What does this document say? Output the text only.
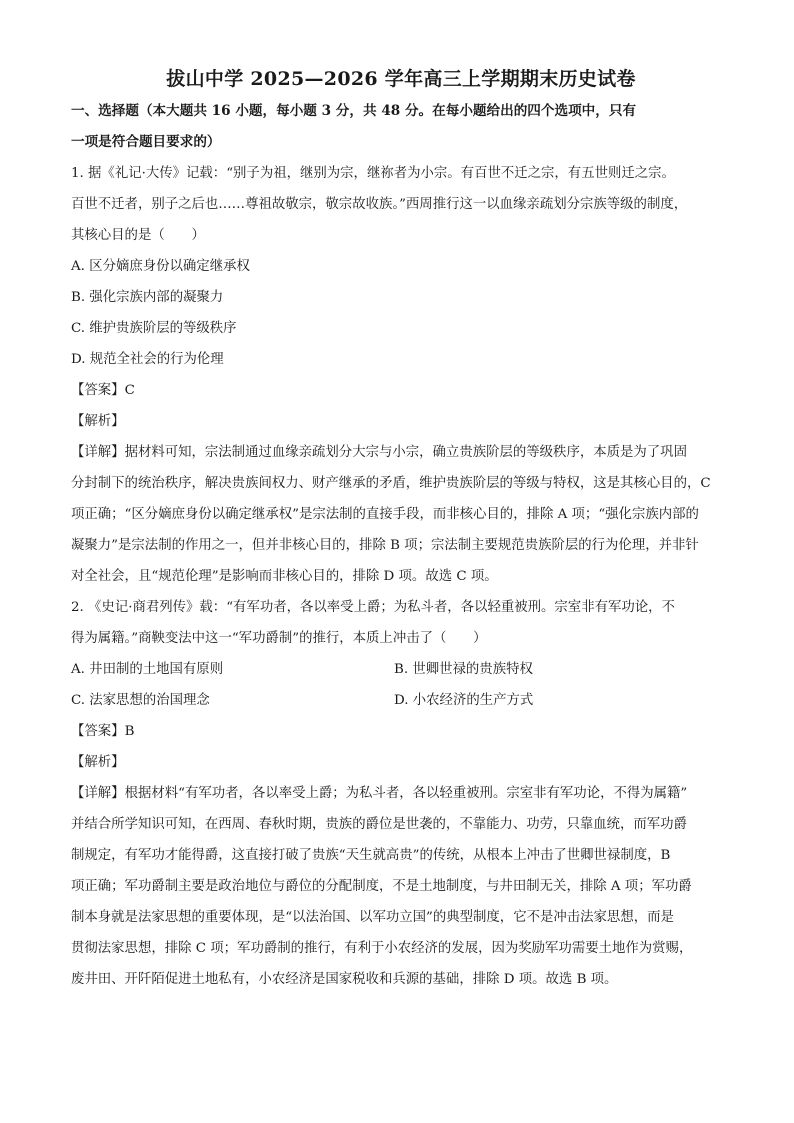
拔山中学 2025—2026 学年高三上学期期末历史试卷

一、选择题（本大题共 16 小题，每小题 3 分，共 48 分。在每小题给出的四个选项中，只有

一项是符合题目要求的）

1. 据《礼记·大传》记载：“别子为祖，继别为宗，继祢者为小宗。有百世不迁之宗，有五世则迁之宗。

百世不迁者，别子之后也……尊祖故敬宗，敬宗故收族。”西周推行这一以血缘亲疏划分宗族等级的制度，

其核心目的是（　　）

A. 区分嫡庶身份以确定继承权

B. 强化宗族内部的凝聚力

C. 维护贵族阶层的等级秩序

D. 规范全社会的行为伦理

【答案】C

【解析】

【详解】据材料可知，宗法制通过血缘亲疏划分大宗与小宗，确立贵族阶层的等级秩序，本质是为了巩固

分封制下的统治秩序，解决贵族间权力、财产继承的矛盾，维护贵族阶层的等级与特权，这是其核心目的，C

项正确；“区分嫡庶身份以确定继承权”是宗法制的直接手段，而非核心目的，排除 A 项；“强化宗族内部的

凝聚力”是宗法制的作用之一，但并非核心目的，排除 B 项；宗法制主要规范贵族阶层的行为伦理，并非针

对全社会，且“规范伦理”是影响而非核心目的，排除 D 项。故选 C 项。

2. 《史记·商君列传》载：“有军功者，各以率受上爵；为私斗者，各以轻重被刑。宗室非有军功论，不

得为属籍。”商鞅变法中这一“军功爵制”的推行，本质上冲击了（　　）

A. 井田制的土地国有原则	B. 世卿世禄的贵族特权
C. 法家思想的治国理念	D. 小农经济的生产方式

【答案】B

【解析】

【详解】根据材料“有军功者，各以率受上爵；为私斗者，各以轻重被刑。宗室非有军功论，不得为属籍”

并结合所学知识可知，在西周、春秋时期，贵族的爵位是世袭的，不靠能力、功劳，只靠血统，而军功爵

制规定，有军功才能得爵，这直接打破了贵族“天生就高贵”的传统，从根本上冲击了世卿世禄制度，B

项正确；军功爵制主要是政治地位与爵位的分配制度，不是土地制度，与井田制无关，排除 A 项；军功爵

制本身就是法家思想的重要体现，是“以法治国、以军功立国”的典型制度，它不是冲击法家思想，而是

贯彻法家思想，排除 C 项；军功爵制的推行，有利于小农经济的发展，因为奖励军功需要土地作为赏赐，

废井田、开阡陌促进土地私有，小农经济是国家税收和兵源的基础，排除 D 项。故选 B 项。
